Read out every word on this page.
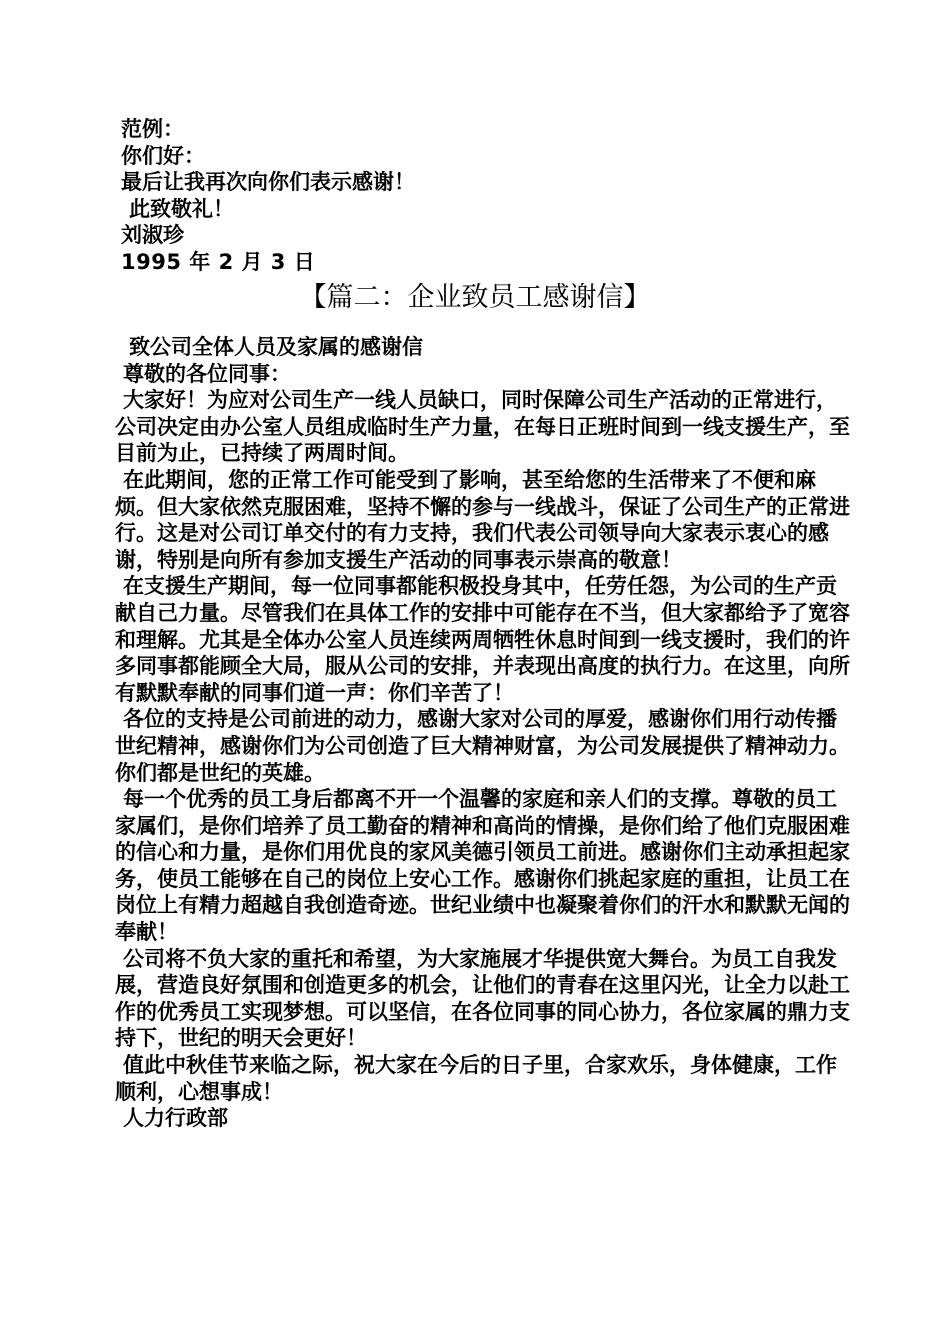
范例：

你们好：

最后让我再次向你们表示感谢！

此致敬礼！

刘淑珍

1995 年 2 月 3 日

【篇二：企业致员工感谢信】

致公司全体人员及家属的感谢信

尊敬的各位同事：

大家好！为应对公司生产一线人员缺口，同时保障公司生产活动的正常进行，公司决定由办公室人员组成临时生产力量，在每日正班时间到一线支援生产，至目前为止，已持续了两周时间。

在此期间，您的正常工作可能受到了影响，甚至给您的生活带来了不便和麻烦。但大家依然克服困难，坚持不懈的参与一线战斗，保证了公司生产的正常进行。这是对公司订单交付的有力支持，我们代表公司领导向大家表示衷心的感谢，特别是向所有参加支援生产活动的同事表示崇高的敬意！

在支援生产期间，每一位同事都能积极投身其中，任劳任怨，为公司的生产贡献自己力量。尽管我们在具体工作的安排中可能存在不当，但大家都给予了宽容和理解。尤其是全体办公室人员连续两周牺牲休息时间到一线支援时，我们的许多同事都能顾全大局，服从公司的安排，并表现出高度的执行力。在这里，向所有默默奉献的同事们道一声：你们辛苦了！

各位的支持是公司前进的动力，感谢大家对公司的厚爱，感谢你们用行动传播世纪精神，感谢你们为公司创造了巨大精神财富，为公司发展提供了精神动力。你们都是世纪的英雄。

每一个优秀的员工身后都离不开一个温馨的家庭和亲人们的支撑。尊敬的员工家属们，是你们培养了员工勤奋的精神和高尚的情操，是你们给了他们克服困难的信心和力量，是你们用优良的家风美德引领员工前进。感谢你们主动承担起家务，使员工能够在自己的岗位上安心工作。感谢你们挑起家庭的重担，让员工在岗位上有精力超越自我创造奇迹。世纪业绩中也凝聚着你们的汗水和默默无闻的奉献！

公司将不负大家的重托和希望，为大家施展才华提供宽大舞台。为员工自我发展，营造良好氛围和创造更多的机会，让他们的青春在这里闪光，让全力以赴工作的优秀员工实现梦想。可以坚信，在各位同事的同心协力，各位家属的鼎力支持下，世纪的明天会更好！

值此中秋佳节来临之际，祝大家在今后的日子里，合家欢乐，身体健康，工作顺利，心想事成！

人力行政部
